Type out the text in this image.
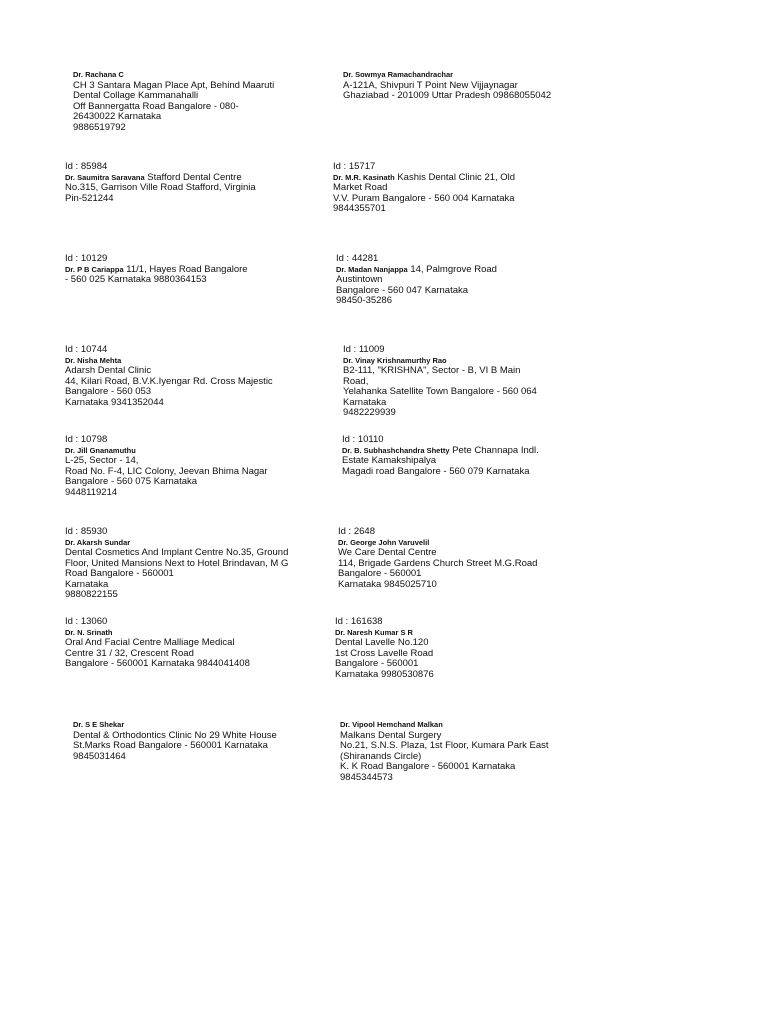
Dr. Rachana C
CH 3 Santara Magan Place Apt, Behind Maaruti
Dental Collage Kammanahalli
Off Bannergatta Road Bangalore - 080-
26430022 Karnataka
9886519792
Dr. Sowmya Ramachandrachar
A-121A, Shivpuri T Point New Vijjaynagar
Ghaziabad - 201009 Uttar Pradesh 09868055042
Id : 85984
Dr. Saumitra Saravana Stafford Dental Centre
No.315, Garrison Ville Road Stafford, Virginia
Pin-521244
Id : 15717
Dr. M.R. Kasinath Kashis Dental Clinic 21, Old
Market Road
V.V. Puram Bangalore - 560 004 Karnataka
9844355701
Id : 10129
Dr. P B Cariappa 11/1, Hayes Road Bangalore
- 560 025 Karnataka 9880364153
Id : 44281
Dr. Madan Nanjappa 14, Palmgrove Road
Austintown
Bangalore - 560 047 Karnataka
98450-35286
Id : 10744
Dr. Nisha Mehta
Adarsh Dental Clinic
44, Kilari Road, B.V.K.Iyengar Rd. Cross Majestic
Bangalore - 560 053
Karnataka 9341352044
Id : 11009
Dr. Vinay Krishnamurthy Rao
B2-111, "KRISHNA", Sector - B, VI B Main
Road,
Yelahanka Satellite Town Bangalore - 560 064
Karnataka
9482229939
Id : 10798
Dr. Jill Gnanamuthu
L-25, Sector - 14,
Road No. F-4, LIC Colony, Jeevan Bhima Nagar
Bangalore - 560 075 Karnataka
9448119214
Id : 10110
Dr. B. Subhashchandra Shetty Pete Channapa Indl.
Estate Kamakshipalya
Magadi road Bangalore - 560 079 Karnataka
Id : 85930
Dr. Akarsh Sundar
Dental Cosmetics And Implant Centre No.35, Ground
Floor, United Mansions Next to Hotel Brindavan, M G
Road Bangalore - 560001
Karnataka
9880822155
Id : 2648
Dr. George John Varuvelil
We Care Dental Centre
114, Brigade Gardens Church Street M.G.Road
Bangalore - 560001
Karnataka 9845025710
Id : 13060
Dr. N. Srinath
Oral And Facial Centre Malliage Medical
Centre 31 / 32, Crescent Road
Bangalore - 560001 Karnataka 9844041408
Id : 161638
Dr. Naresh Kumar S R
Dental Lavelle No.120
1st Cross Lavelle Road
Bangalore - 560001
Karnataka 9980530876
Dr. S E Shekar
Dental & Orthodontics Clinic No 29 White House
St.Marks Road Bangalore - 560001 Karnataka
9845031464
Dr. Vipool Hemchand Malkan
Malkans Dental Surgery
No.21, S.N.S. Plaza, 1st Floor, Kumara Park East
(Shiranands Circle)
K. K Road Bangalore - 560001 Karnataka
9845344573
